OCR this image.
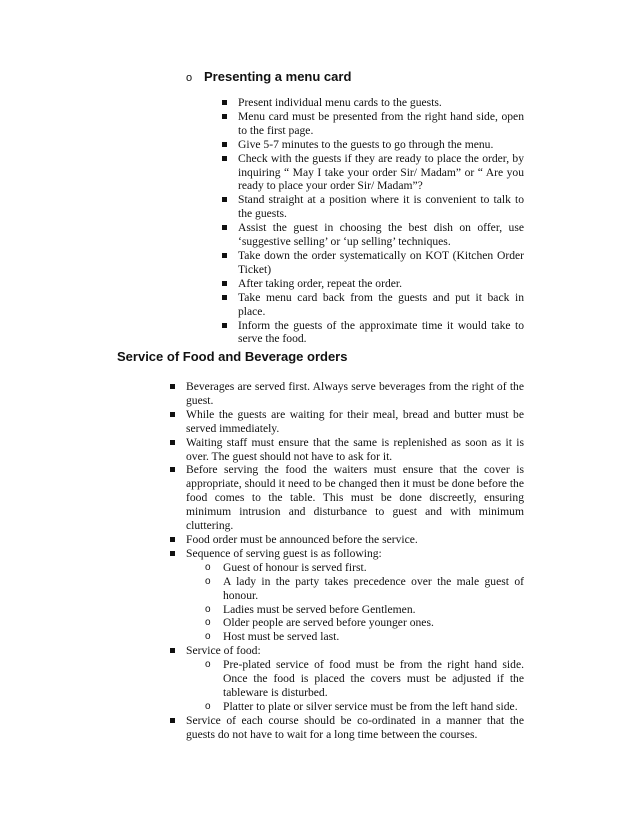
o Presenting a menu card
Present individual menu cards to the guests.
Menu card must be presented from the right hand side, open to the first page.
Give 5-7 minutes to the guests to go through the menu.
Check with the guests if they are ready to place the order, by inquiring “ May I take your order Sir/ Madam” or “ Are you ready to place your order Sir/ Madam”?
Stand straight at a position where it is convenient to talk to the guests.
Assist the guest in choosing the best dish on offer, use ‘suggestive selling’ or ‘up selling’ techniques.
Take down the order systematically on KOT (Kitchen Order Ticket)
After taking order, repeat the order.
Take menu card back from the guests and put it back in place.
Inform the guests of the approximate time it would take to serve the food.
Service of Food and Beverage orders
Beverages are served first. Always serve beverages from the right of the guest.
While the guests are waiting for their meal, bread and butter must be served immediately.
Waiting staff must ensure that the same is replenished as soon as it is over. The guest should not have to ask for it.
Before serving the food the waiters must ensure that the cover is appropriate, should it need to be changed then it must be done before the food comes to the table. This must be done discreetly, ensuring minimum intrusion and disturbance to guest and with minimum cluttering.
Food order must be announced before the service.
Sequence of serving guest is as following:
o Guest of honour is served first.
o A lady in the party takes precedence over the male guest of honour.
o Ladies must be served before Gentlemen.
o Older people are served before younger ones.
o Host must be served last.
Service of food:
o Pre-plated service of food must be from the right hand side. Once the food is placed the covers must be adjusted if the tableware is disturbed.
o Platter to plate or silver service must be from the left hand side.
Service of each course should be co-ordinated in a manner that the guests do not have to wait for a long time between the courses.
